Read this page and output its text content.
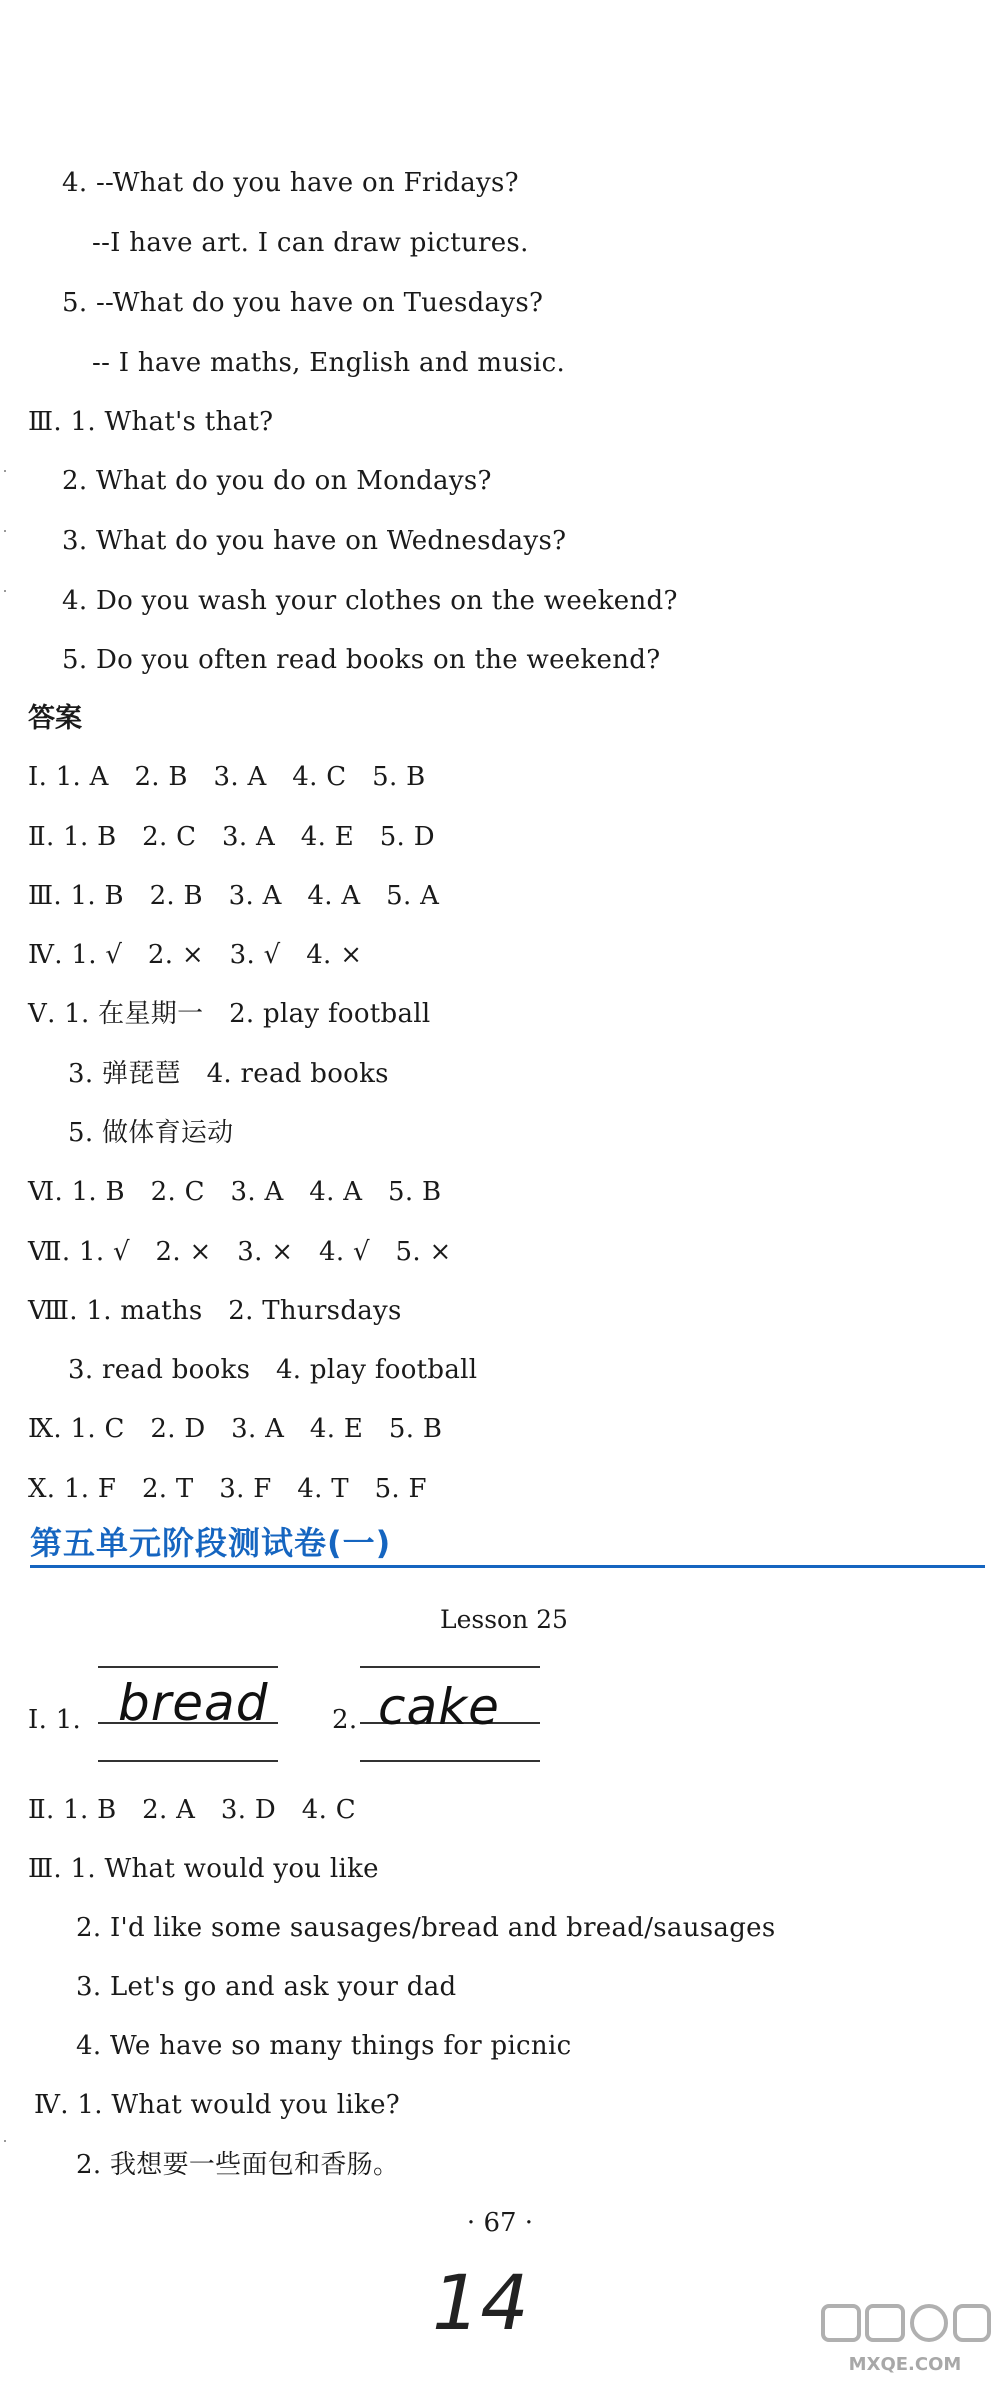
4. --What do you have on Fridays?
--I have art. I can draw pictures.
5. --What do you have on Tuesdays?
-- I have maths, English and music.
Ⅲ. 1. What's that?
2. What do you do on Mondays?
3. What do you have on Wednesdays?
4. Do you wash your clothes on the weekend?
5. Do you often read books on the weekend?
答案
Ⅰ. 1. A   2. B   3. A   4. C   5. B
Ⅱ. 1. B   2. C   3. A   4. E   5. D
Ⅲ. 1. B   2. B   3. A   4. A   5. A
Ⅳ. 1. √   2. ×   3. √   4. ×
Ⅴ. 1. 在星期一   2. play football
3. 弹琵琶   4. read books
5. 做体育运动
Ⅵ. 1. B   2. C   3. A   4. A   5. B
Ⅶ. 1. √   2. ×   3. ×   4. √   5. ×
Ⅷ. 1. maths   2. Thursdays
3. read books   4. play football
Ⅸ. 1. C   2. D   3. A   4. E   5. B
Ⅹ. 1. F   2. T   3. F   4. T   5. F
第五单元阶段测试卷(一)
Lesson 25
Ⅰ. 1. bread 2. cake
Ⅱ. 1. B   2. A   3. D   4. C
Ⅲ. 1. What would you like
2. I'd like some sausages/bread and bread/sausages
3. Let's go and ask your dad
4. We have so many things for picnic
Ⅳ. 1. What would you like?
2. 我想要一些面包和香肠。
· 67 ·
14
MXQE.COM
